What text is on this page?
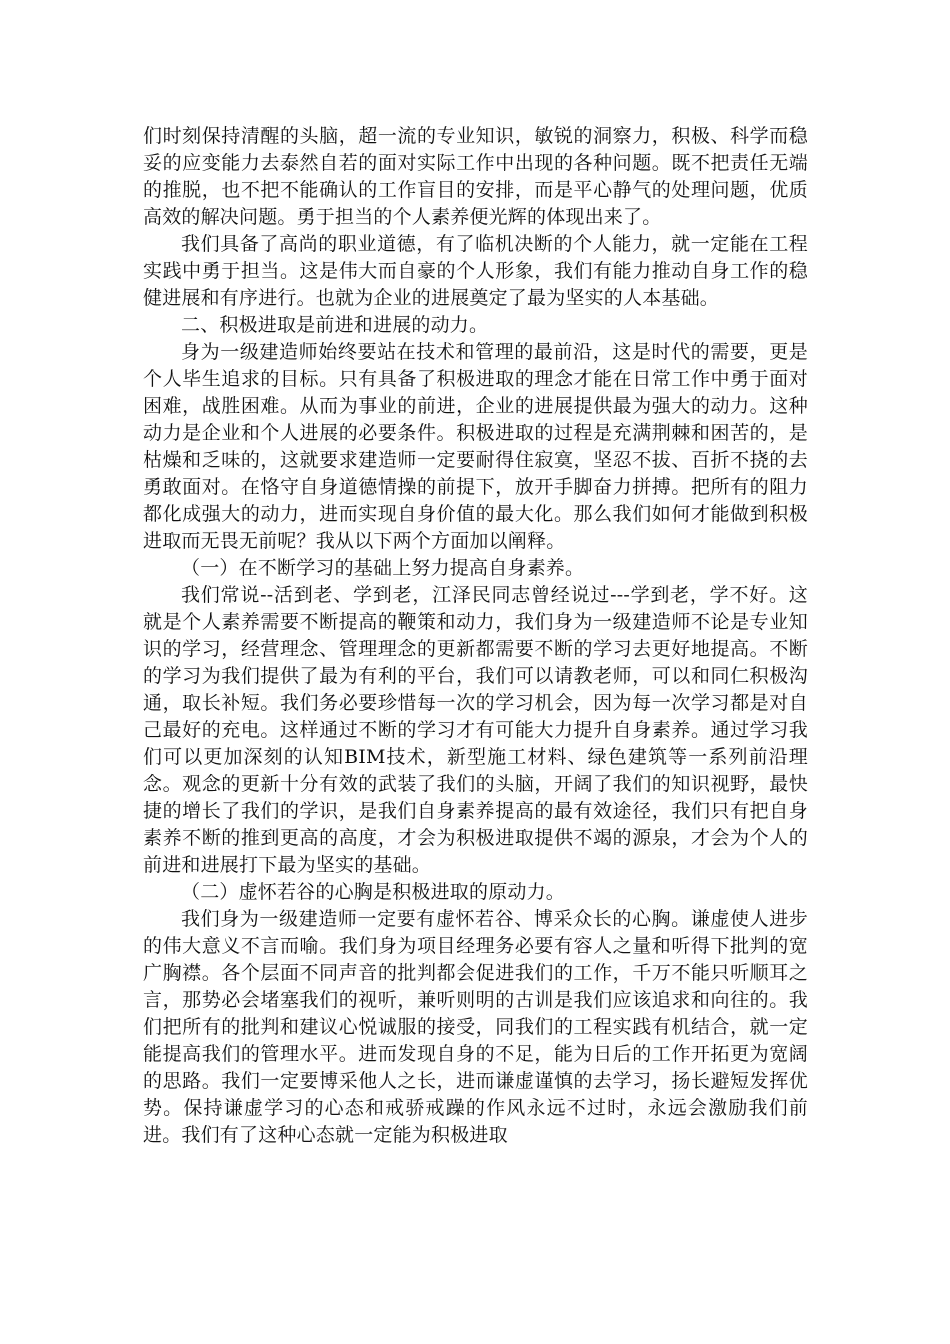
们时刻保持清醒的头脑，超一流的专业知识，敏锐的洞察力，积极、科学而稳妥的应变能力去泰然自若的面对实际工作中出现的各种问题。既不把责任无端的推脱，也不把不能确认的工作盲目的安排，而是平心静气的处理问题，优质高效的解决问题。勇于担当的个人素养便光辉的体现出来了。

我们具备了高尚的职业道德，有了临机决断的个人能力，就一定能在工程实践中勇于担当。这是伟大而自豪的个人形象，我们有能力推动自身工作的稳健进展和有序进行。也就为企业的进展奠定了最为坚实的人本基础。

二、积极进取是前进和进展的动力。

身为一级建造师始终要站在技术和管理的最前沿，这是时代的需要，更是个人毕生追求的目标。只有具备了积极进取的理念才能在日常工作中勇于面对困难，战胜困难。从而为事业的前进，企业的进展提供最为强大的动力。这种动力是企业和个人进展的必要条件。积极进取的过程是充满荆棘和困苦的，是枯燥和乏味的，这就要求建造师一定要耐得住寂寞，坚忍不拔、百折不挠的去勇敢面对。在恪守自身道德情操的前提下，放开手脚奋力拼搏。把所有的阻力都化成强大的动力，进而实现自身价值的最大化。那么我们如何才能做到积极进取而无畏无前呢？我从以下两个方面加以阐释。

（一）在不断学习的基础上努力提高自身素养。

我们常说--活到老、学到老，江泽民同志曾经说过---学到老，学不好。这就是个人素养需要不断提高的鞭策和动力，我们身为一级建造师不论是专业知识的学习，经营理念、管理理念的更新都需要不断的学习去更好地提高。不断的学习为我们提供了最为有利的平台，我们可以请教老师，可以和同仁积极沟通，取长补短。我们务必要珍惜每一次的学习机会，因为每一次学习都是对自己最好的充电。这样通过不断的学习才有可能大力提升自身素养。通过学习我们可以更加深刻的认知BIM技术，新型施工材料、绿色建筑等一系列前沿理念。观念的更新十分有效的武装了我们的头脑，开阔了我们的知识视野，最快捷的增长了我们的学识，是我们自身素养提高的最有效途径，我们只有把自身素养不断的推到更高的高度，才会为积极进取提供不竭的源泉，才会为个人的前进和进展打下最为坚实的基础。

（二）虚怀若谷的心胸是积极进取的原动力。

我们身为一级建造师一定要有虚怀若谷、博采众长的心胸。谦虚使人进步的伟大意义不言而喻。我们身为项目经理务必要有容人之量和听得下批判的宽广胸襟。各个层面不同声音的批判都会促进我们的工作，千万不能只听顺耳之言，那势必会堵塞我们的视听，兼听则明的古训是我们应该追求和向往的。我们把所有的批判和建议心悦诚服的接受，同我们的工程实践有机结合，就一定能提高我们的管理水平。进而发现自身的不足，能为日后的工作开拓更为宽阔的思路。我们一定要博采他人之长，进而谦虚谨慎的去学习，扬长避短发挥优势。保持谦虚学习的心态和戒骄戒躁的作风永远不过时，永远会激励我们前进。我们有了这种心态就一定能为积极进取
